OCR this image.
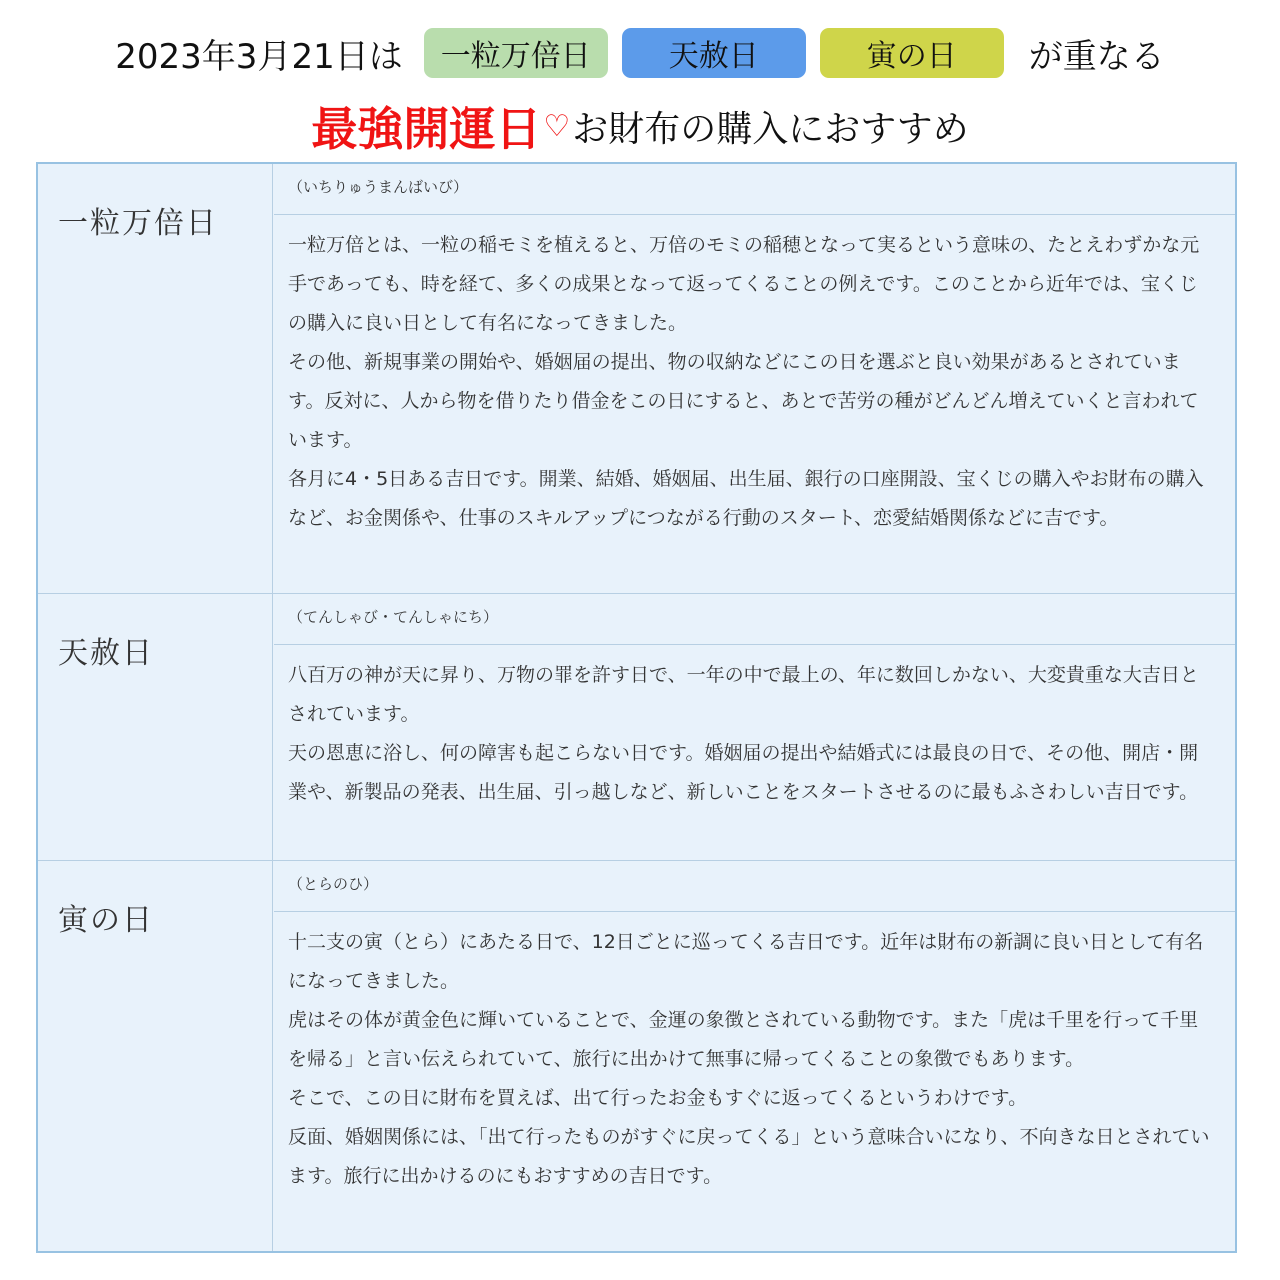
2023年3月21日は	一粒万倍日	天赦日	寅の日	が重なる
最強開運日 ♡ お財布の購入におすすめ
一粒万倍日
（いちりゅうまんばいび）

一粒万倍とは、一粒の稲モミを植えると、万倍のモミの稲穂となって実るという意味の、たとえわずかな元手であっても、時を経て、多くの成果となって返ってくることの例えです。このことから近年では、宝くじの購入に良い日として有名になってきました。

その他、新規事業の開始や、婚姻届の提出、物の収納などにこの日を選ぶと良い効果があるとされています。反対に、人から物を借りたり借金をこの日にすると、あとで苦労の種がどんどん増えていくと言われています。

各月に4・5日ある吉日です。開業、結婚、婚姻届、出生届、銀行の口座開設、宝くじの購入やお財布の購入など、お金関係や、仕事のスキルアップにつながる行動のスタート、恋愛結婚関係などに吉です。

天赦日
（てんしゃび・てんしゃにち）

八百万の神が天に昇り、万物の罪を許す日で、一年の中で最上の、年に数回しかない、大変貴重な大吉日とされています。

天の恩恵に浴し、何の障害も起こらない日です。婚姻届の提出や結婚式には最良の日で、その他、開店・開業や、新製品の発表、出生届、引っ越しなど、新しいことをスタートさせるのに最もふさわしい吉日です。

寅の日
（とらのひ）

十二支の寅（とら）にあたる日で、12日ごとに巡ってくる吉日です。近年は財布の新調に良い日として有名になってきました。

虎はその体が黄金色に輝いていることで、金運の象徴とされている動物です。また「虎は千里を行って千里を帰る」と言い伝えられていて、旅行に出かけて無事に帰ってくることの象徴でもあります。

そこで、この日に財布を買えば、出て行ったお金もすぐに返ってくるというわけです。

反面、婚姻関係には、「出て行ったものがすぐに戻ってくる」という意味合いになり、不向きな日とされています。旅行に出かけるのにもおすすめの吉日です。
